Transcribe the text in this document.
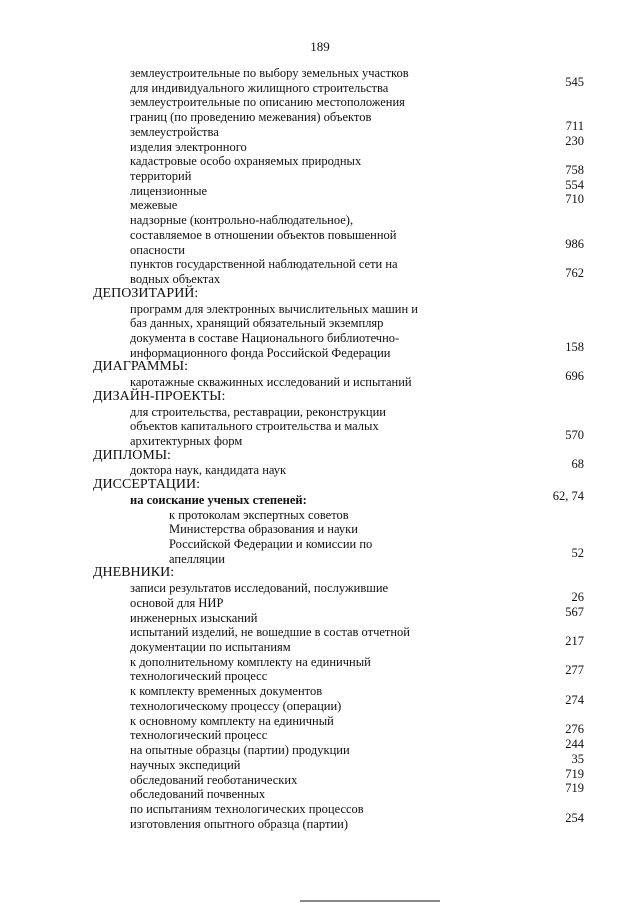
189
землеустроительные по выбору земельных участков
для индивидуального жилищного строительства	545
землеустроительные по описанию местоположения
границ (по проведению межевания) объектов
землеустройства	711
изделия электронного	230
кадастровые особо охраняемых природных
территорий	758
лицензионные	554
межевые	710
надзорные (контрольно-наблюдательное),
составляемое в отношении объектов повышенной
опасности	986
пунктов государственной наблюдательной сети на
водных объектах	762
ДЕПОЗИТАРИЙ:
программ для электронных вычислительных машин и
баз данных, хранящий обязательный экземпляр
документа в составе Национального библиотечно-
информационного фонда Российской Федерации	158
ДИАГРАММЫ:
каротажные скважинных исследований и испытаний	696
ДИЗАЙН-ПРОЕКТЫ:
для строительства, реставрации, реконструкции
объектов капитального строительства и малых
архитектурных форм	570
ДИПЛОМЫ:
доктора наук, кандидата наук	68
ДИССЕРТАЦИИ:
на соискание ученых степеней:	62, 74
к протоколам экспертных советов
Министерства образования и науки
Российской Федерации и комиссии по
апелляции	52
ДНЕВНИКИ:
записи результатов исследований, послужившие
основой для НИР	26
инженерных изысканий	567
испытаний изделий, не вошедшие в состав отчетной
документации по испытаниям	217
к дополнительному комплекту на единичный
технологический процесс	277
к комплекту временных документов
технологическому процессу (операции)	274
к основному комплекту на единичный
технологический процесс	276
на опытные образцы (партии) продукции	244
научных экспедиций	35
обследований геоботанических	719
обследований почвенных	719
по испытаниям технологических процессов
изготовления опытного образца (партии)	254
